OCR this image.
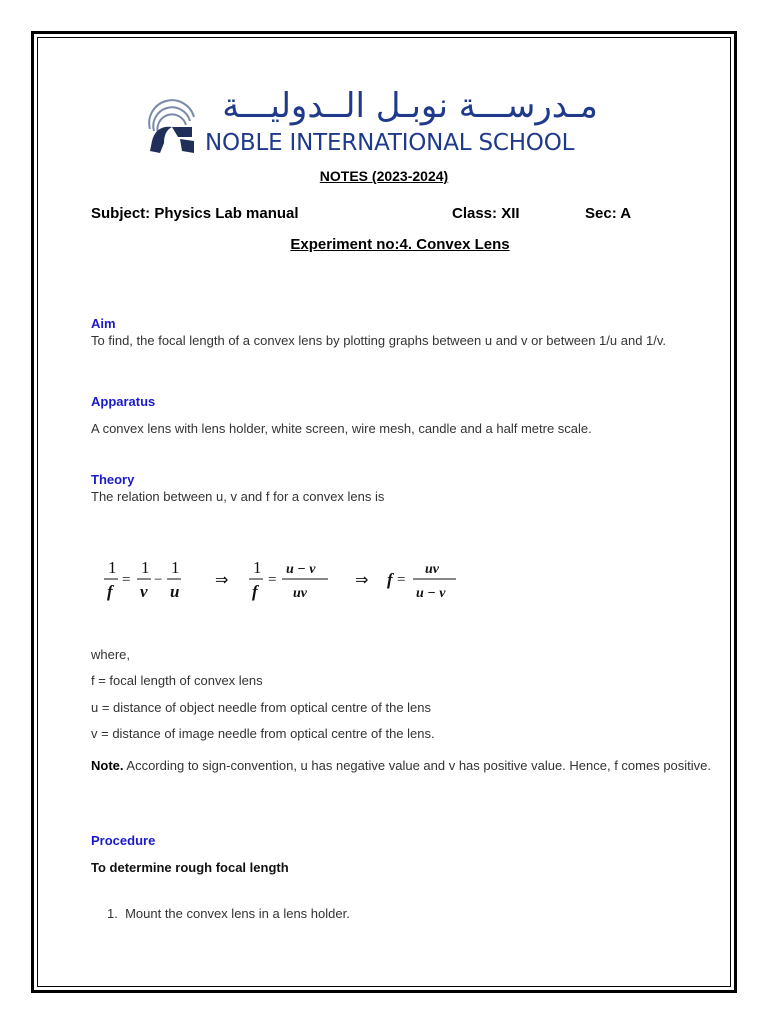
مـدرســـة نوبـل الــدوليـــة
NOBLE INTERNATIONAL SCHOOL
NOTES (2023-2024)
Subject: Physics Lab manual	Class: XII	Sec: A
Experiment no:4. Convex Lens
Aim
To find, the focal length of a convex lens by plotting graphs between u and v or between 1/u and 1/v.
Apparatus
A convex lens with lens holder, white screen, wire mesh, candle and a half metre scale.
Theory
The relation between u, v and f for a convex lens is
1
f
=
1
v
−
1
u
⇒
1
f
=
u − v
uv
⇒ f =
uv
u − v
where,
f = focal length of convex lens
u = distance of object needle from optical centre of the lens
v = distance of image needle from optical centre of the lens.
Note. According to sign-convention, u has negative value and v has positive value. Hence, f comes positive.
Procedure
To determine rough focal length
1. Mount the convex lens in a lens holder.
